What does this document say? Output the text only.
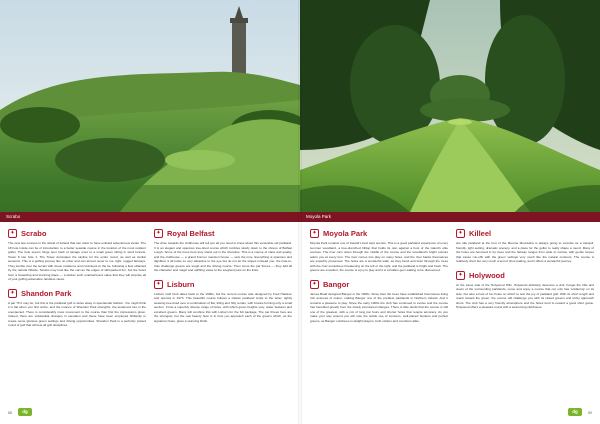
Scrabo
✦ Scrabo
The new few courses in the island of Ireland that can claim to have enlisted adventurous locals. The 18 hole inside can be of introduction to a better seaside course in the location of the most resilient golfer. The hole seems hinge spot back of savage ones to a small green sitting in wind tunnels. Tower 8 into hole 1. The Tower dominates the skyline for the entire round, as well as similar sessions. This is a golfing journey like no other and can almost never to me, tight, rugged fairways. They tumble over the terrain with clever resilience and continued on the tie, following a flow obtained by the natural hillside. Scrabo may look like the cart as the edges of skill-packed fun, but the holes form a rewarding and stunning place — a deliver such entertainment value that they will surprise all of your golfing adrenaline. Endless views.
✦ Shandon Park
A par 70 it may be, but this is the parkland golf to delve away in spectacular fashion. You might think it is flat when you first arrive, and the nuance of Shandon Park strengths, the testament lies in the unexpected. There is considerably more movement to the course than first the impressions given. Indeed, there are substantial changes in elevation and these have been employed brilliantly to create some glorious green settings and driving opportunities. Shandon Park is a perfectly poised round of golf that will test all golf disciplines.
✦ Royal Belfast
The drive towards the clubhouse will tell you all you need to know about this venerable old parkland. It is an elegant and spacious tree-lined course which tumbles slowly down to the shores of Belfast Lough. Some of the trees here truly stand out in the shoreline. This is a course of class and quality, and the clubhouse — a grand Former mansion house — sets the tone. Everything is spacious and dignified. It all looks so very attractive to the eye but do not let the slopes mislead you: the hole-to-hole challenge greens are tough and the driving course. Then come the par threes — they add all the character and magic and uplifting views to the toughest pars on the links.
✦ Lisburn
Lisburn Golf Club dates back to the 1900s, but the current course was designed by Fred Hawtree and opened in 1973. This beautiful course follows a classic parkland script to the letter, tightly weaving tree-lined over a combination of flat, tilting and hilly terrain, with brooks forming only a small section. It has a superbly diverse range of holes, with which green heights vary, water features and excellent greens. Many will combine this with Lisburn for the full package. The par threes here are the strongest, but the real beauty here is in how you approach each of the greens which, as the signature holes, gives a stunning finish.
dg
88
Moyola Park
✦ Moyola Park
Moyola Park remains one of Ireland's best kept secrets. This is a good parkland experience of every summer woodland, a tree-drenched hilltop that holds its own against a host of the island's elite courses. The river runs down through the middle of the course and the woodland's bright colours adorn you at every turn. The river comes into play on many holes, and the river banks themselves are superbly presented. The holes are a wonderful walk, as they bend and twist through the trees with the river sometimes threatening on the left or the right, and the parkland is bright and fresh. The greens are excellent, the course is a joy to play and it is a hidden gem waiting to be discovered.
✦ Bangor
James Braid designed Bangor in the 1900s. Since then the trees have established themselves lining rich avenues of colour, making Bangor one of the prettiest parklands in Northern Ireland. And it remains a pleasure to play. Since the early 1900s the club has continued to evolve and the course has benefited greatly from the slowly introduced changes. There is little doubt that the course is still one of the greatest, with a mix of long par fours and shorter holes that require accuracy. As you make your way around you will note the subtle use of contours, well-placed bunkers and perfect greens, as Bangor continues to delight players, both visitors and members alike.
✦ Killeel
Are idle parkland at the foot of the Mourne Mountains is always going to surprise as a tranquil, friendly, tight setting, dramatic scenery, and a place for the golfer to really shape a round. Many of the holes are hemmed in by trees and the fairway ranges from wide to narrow, with gentle slopes that cause run-offs with the green settings very much like the natural contours. The course is relatively short but very much a test of shot making, and it offers a wonderful journey.
✦ Holywood
At the same side of the Holywood Hills, Holywood definitely deserves a visit. Forget the hills and views of the surrounding parklands, come and enjoy a course that not only has 'soldiering' on its side, but also a host of fun holes on which to test the joy of parkland golf. With its short length and reach toward the green, the course will challenge you with its raised greens and tricky approach shots. The club has a very friendly atmosphere and the holes tend to reward a good short game. Holywood offers a pleasant round with a welcoming clubhouse.
dg	89
